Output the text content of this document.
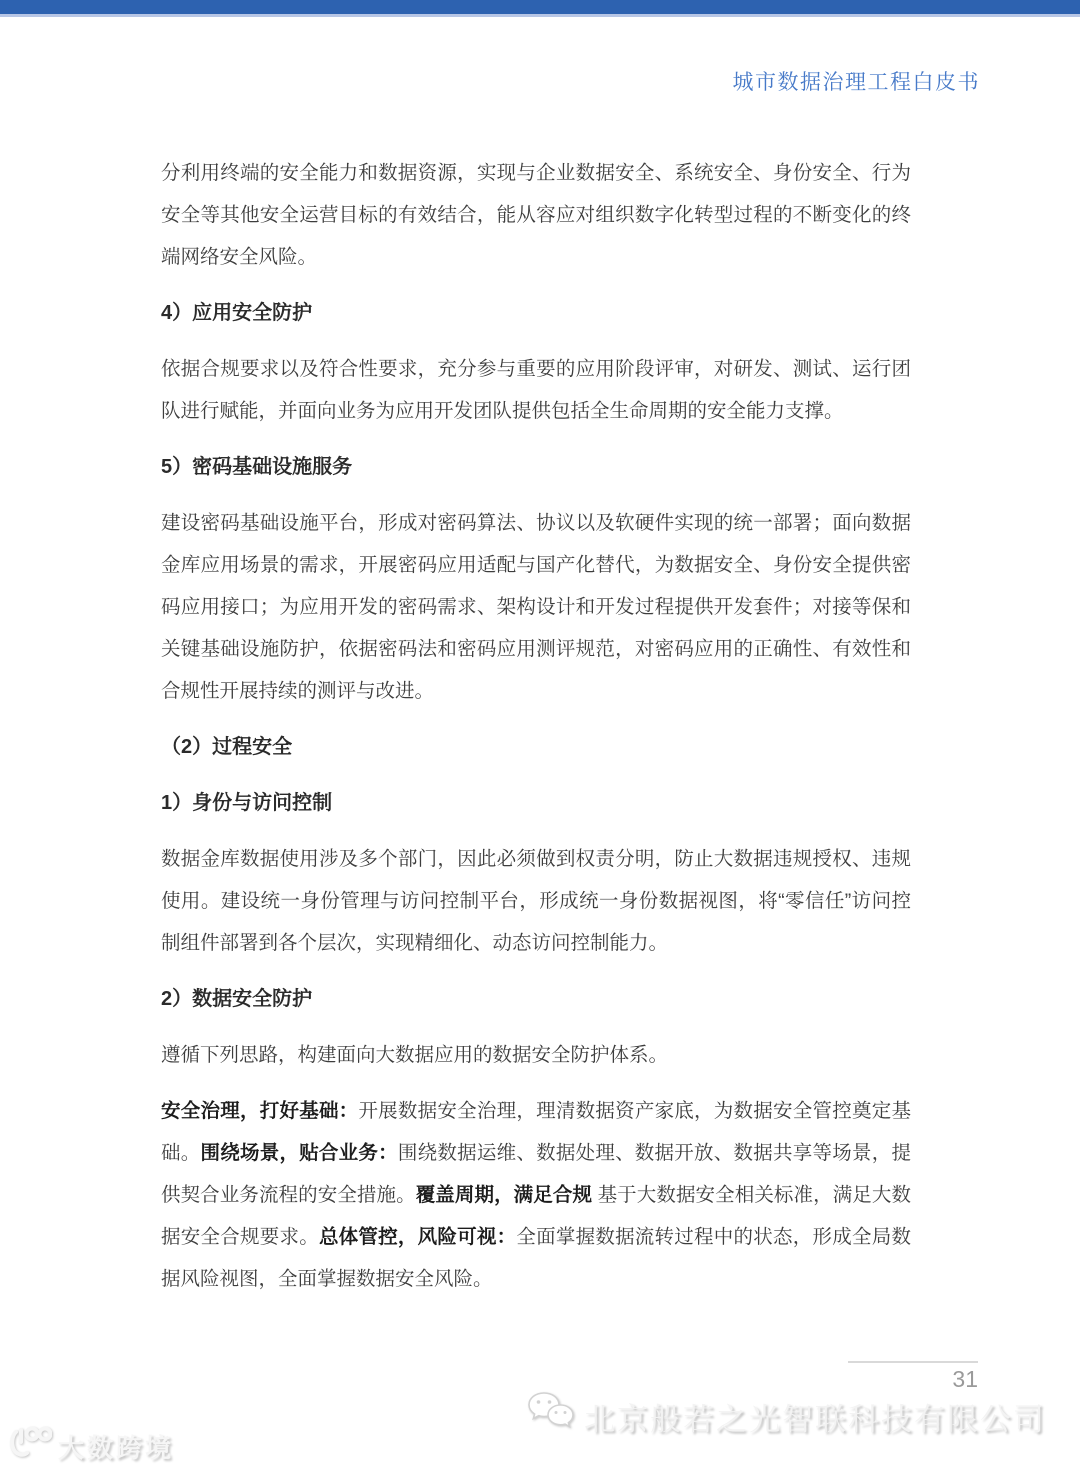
城市数据治理工程白皮书

分利用终端的安全能力和数据资源，实现与企业数据安全、系统安全、身份安全、行为安全等其他安全运营目标的有效结合，能从容应对组织数字化转型过程的不断变化的终端网络安全风险。

4）应用安全防护

依据合规要求以及符合性要求，充分参与重要的应用阶段评审，对研发、测试、运行团队进行赋能，并面向业务为应用开发团队提供包括全生命周期的安全能力支撑。

5）密码基础设施服务

建设密码基础设施平台，形成对密码算法、协议以及软硬件实现的统一部署；面向数据金库应用场景的需求，开展密码应用适配与国产化替代，为数据安全、身份安全提供密码应用接口；为应用开发的密码需求、架构设计和开发过程提供开发套件；对接等保和关键基础设施防护，依据密码法和密码应用测评规范，对密码应用的正确性、有效性和合规性开展持续的测评与改进。

（2）过程安全
1）身份与访问控制

数据金库数据使用涉及多个部门，因此必须做到权责分明，防止大数据违规授权、违规使用。建设统一身份管理与访问控制平台，形成统一身份数据视图，将“零信任”访问控制组件部署到各个层次，实现精细化、动态访问控制能力。

2）数据安全防护

遵循下列思路，构建面向大数据应用的数据安全防护体系。

安全治理，打好基础：开展数据安全治理，理清数据资产家底，为数据安全管控奠定基础。围绕场景，贴合业务：围绕数据运维、数据处理、数据开放、数据共享等场景，提供契合业务流程的安全措施。覆盖周期，满足合规 基于大数据安全相关标准，满足大数据安全合规要求。总体管控，风险可视：全面掌握数据流转过程中的状态，形成全局数据风险视图，全面掌握数据安全风险。

31
北京般若之光智联科技有限公司
大数跨境
